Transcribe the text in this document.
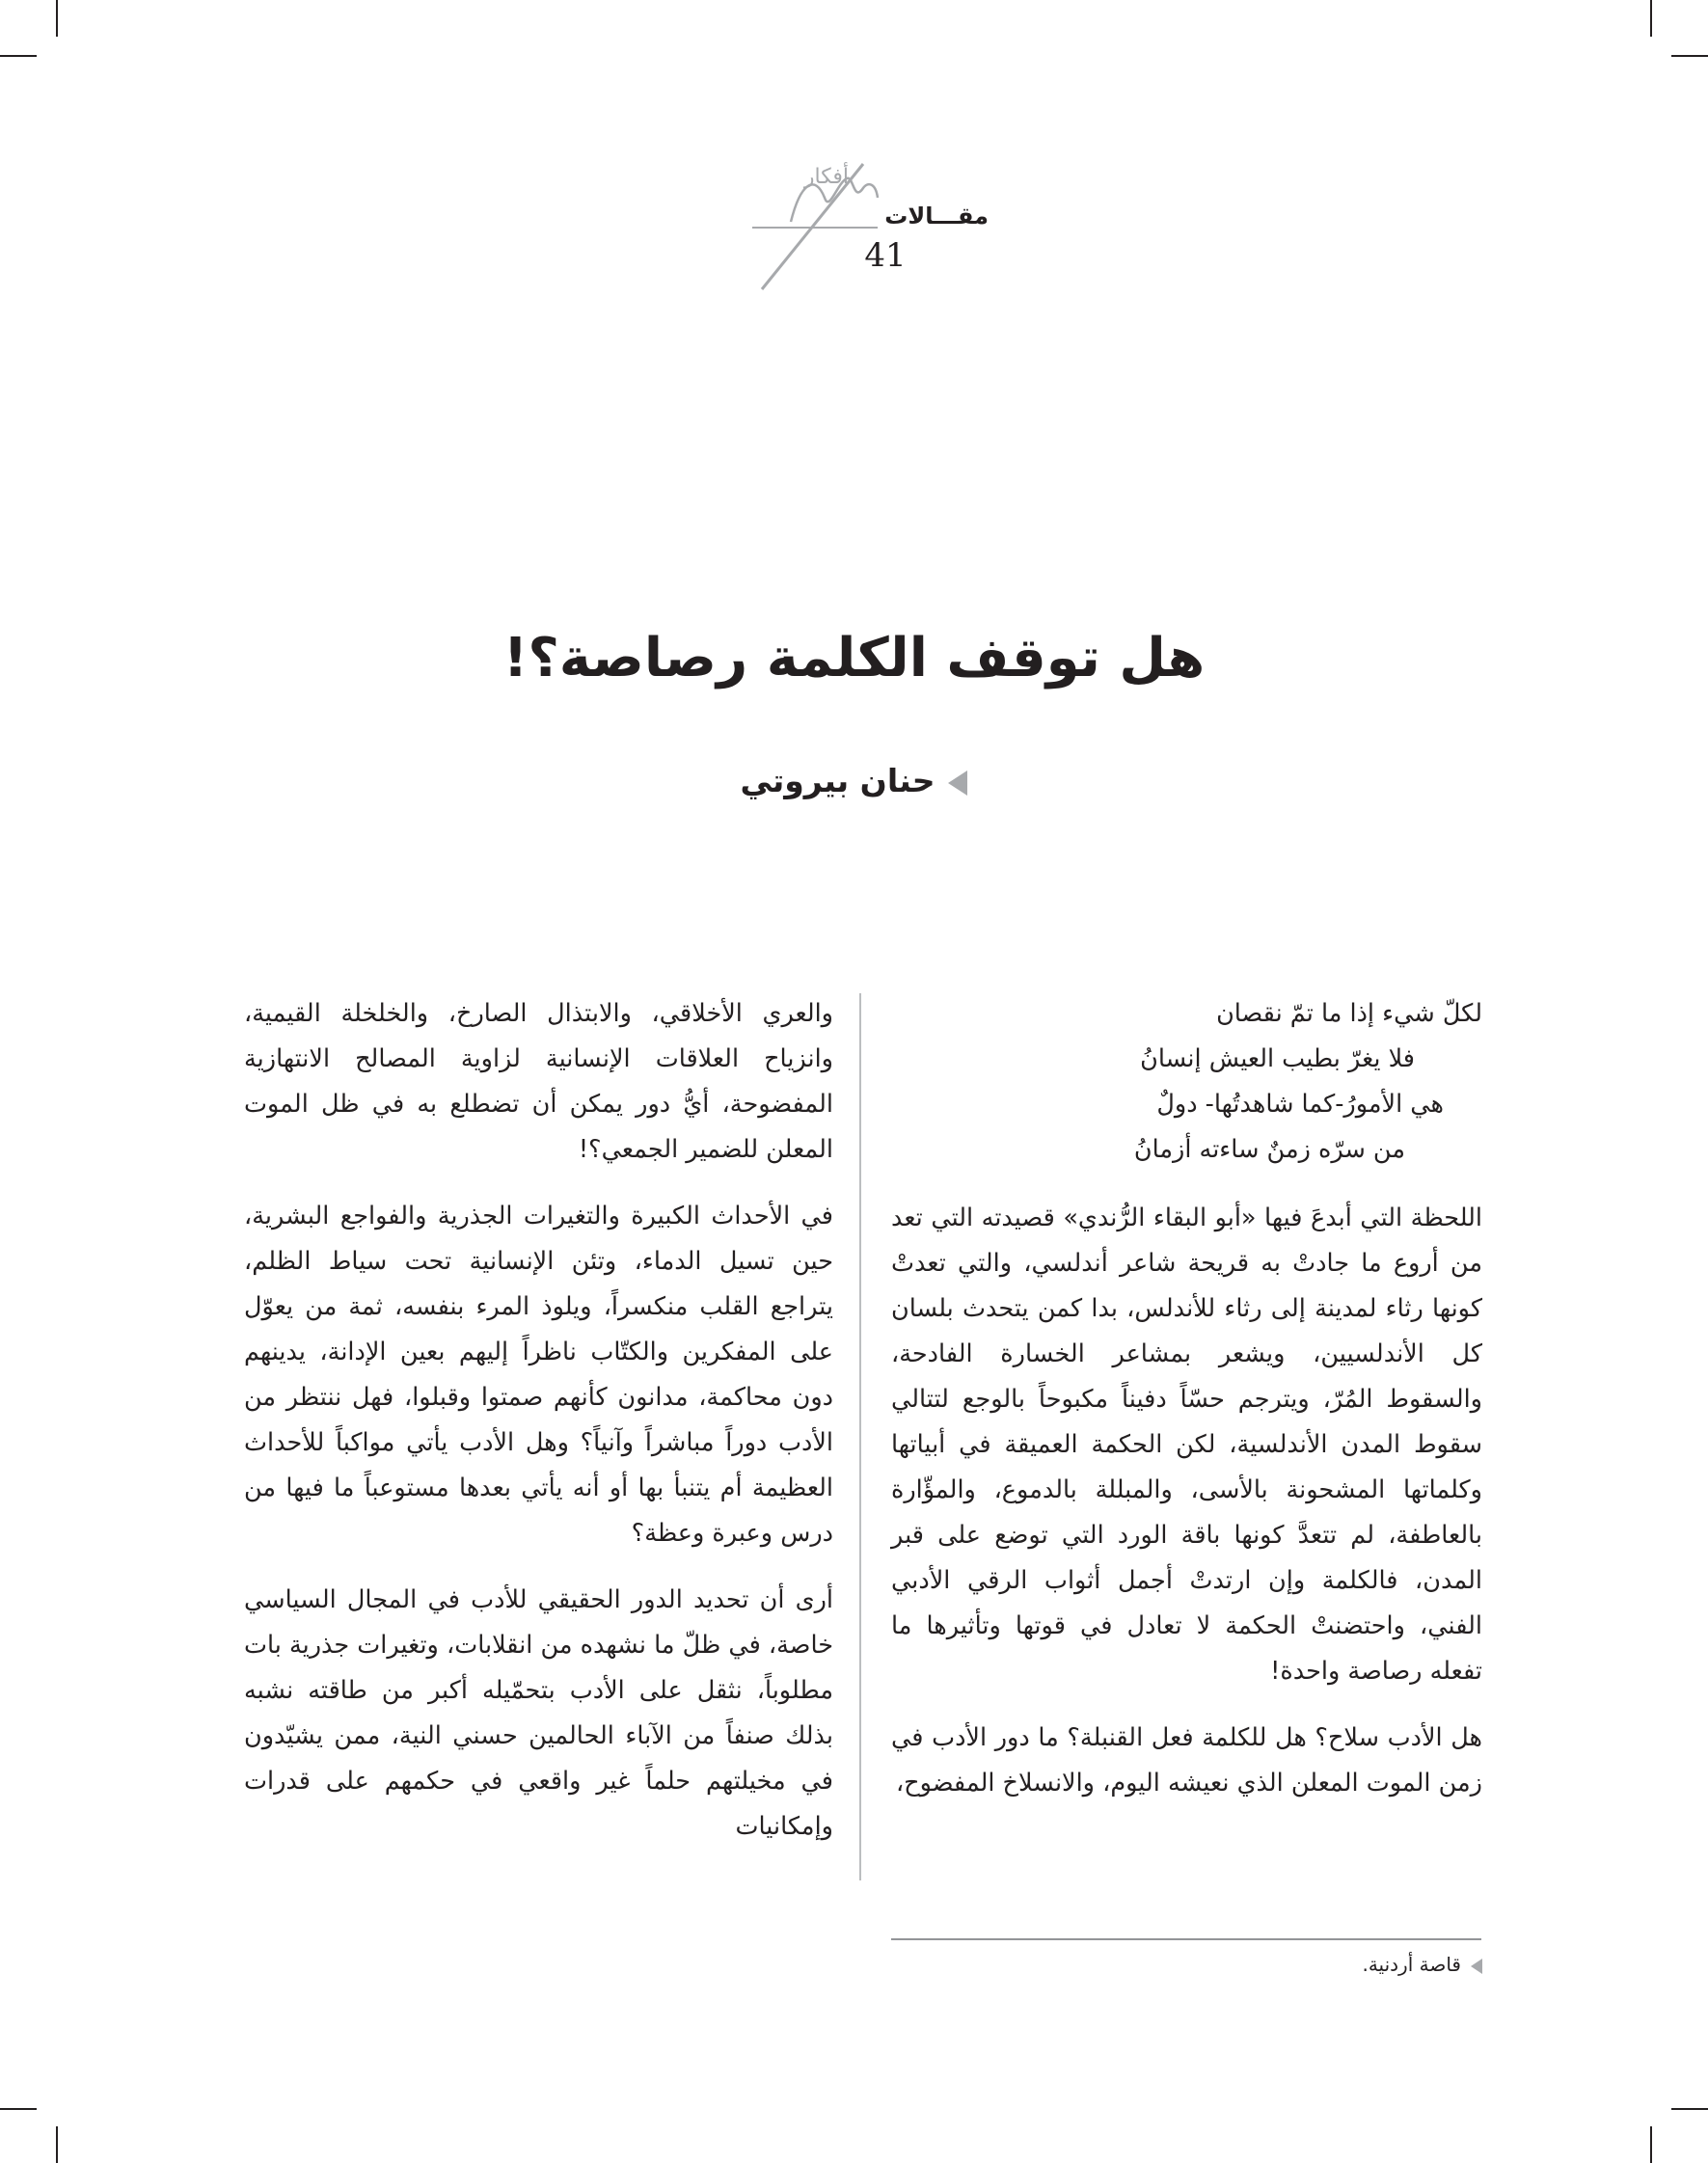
أفكار
مقـــالات
41
هل توقف الكلمة رصاصة؟!
حنان بيروتي
لكلّ شيء إذا ما تمّ نقصان
فلا يغرّ بطيب العيش إنسانُ
هي الأمورُ-كما شاهدتُها- دولٌ
من سرّه زمنٌ ساءته أزمانُ

اللحظة التي أبدعَ فيها «أبو البقاء الرُّندي» قصيدته التي تعد من أروع ما جادتْ به قريحة شاعر أندلسي، والتي تعدتْ كونها رثاء لمدينة إلى رثاء للأندلس، بدا كمن يتحدث بلسان كل الأندلسيين، ويشعر بمشاعر الخسارة الفادحة، والسقوط المُرّ، ويترجم حسّاً دفيناً مكبوحاً بالوجع لتتالي سقوط المدن الأندلسية، لكن الحكمة العميقة في أبياتها وكلماتها المشحونة بالأسى، والمبللة بالدموع، والمؤّارة بالعاطفة، لم تتعدَّ كونها باقة الورد التي توضع على قبر المدن، فالكلمة وإن ارتدتْ أجمل أثواب الرقي الأدبي الفني، واحتضنتْ الحكمة لا تعادل في قوتها وتأثيرها ما تفعله رصاصة واحدة!

هل الأدب سلاح؟ هل للكلمة فعل القنبلة؟ ما دور الأدب في زمن الموت المعلن الذي نعيشه اليوم، والانسلاخ المفضوح،

والعري الأخلاقي، والابتذال الصارخ، والخلخلة القيمية، وانزياح العلاقات الإنسانية لزاوية المصالح الانتهازية المفضوحة، أيُّ دور يمكن أن تضطلع به في ظل الموت المعلن للضمير الجمعي؟!

في الأحداث الكبيرة والتغيرات الجذرية والفواجع البشرية، حين تسيل الدماء، وتئن الإنسانية تحت سياط الظلم، يتراجع القلب منكسراً، ويلوذ المرء بنفسه، ثمة من يعوّل على المفكرين والكتّاب ناظراً إليهم بعين الإدانة، يدينهم دون محاكمة، مدانون كأنهم صمتوا وقبلوا، فهل ننتظر من الأدب دوراً مباشراً وآنياً؟ وهل الأدب يأتي مواكباً للأحداث العظيمة أم يتنبأ بها أو أنه يأتي بعدها مستوعباً ما فيها من درس وعبرة وعظة؟

أرى أن تحديد الدور الحقيقي للأدب في المجال السياسي خاصة، في ظلّ ما نشهده من انقلابات، وتغيرات جذرية بات مطلوباً، نثقل على الأدب بتحمّيله أكبر من طاقته نشبه بذلك صنفاً من الآباء الحالمين حسني النية، ممن يشيّدون في مخيلتهم حلماً غير واقعي في حكمهم على قدرات وإمكانيات

قاصة أردنية.
